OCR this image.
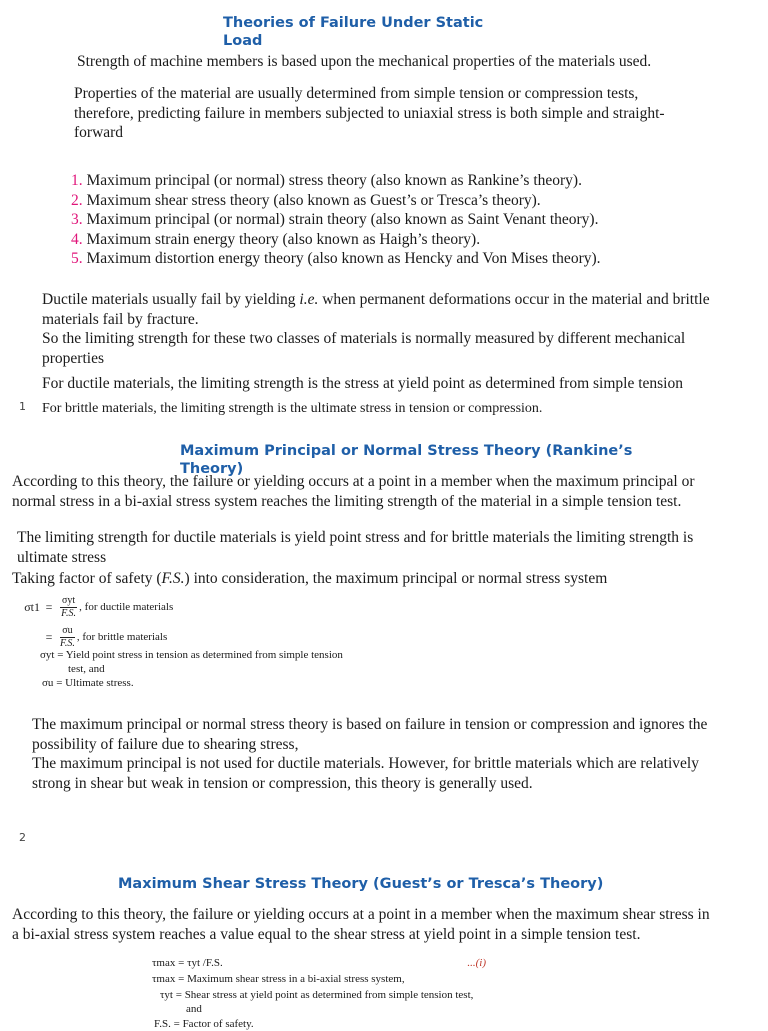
Theories of Failure Under Static
Load
Strength of machine members is based upon the mechanical properties of the materials used.
Properties of the material are usually determined from simple tension or compression tests,
therefore, predicting failure in members subjected to uniaxial stress is both simple and straight-
forward
1. Maximum principal (or normal) stress theory (also known as Rankine’s theory).
2. Maximum shear stress theory (also known as Guest’s or Tresca’s theory).
3. Maximum principal (or normal) strain theory (also known as Saint Venant theory).
4. Maximum strain energy theory (also known as Haigh’s theory).
5. Maximum distortion energy theory (also known as Hencky and Von Mises theory).
Ductile materials usually fail by yielding i.e. when permanent deformations occur in the material and brittle
materials fail by fracture.
So the limiting strength for these two classes of materials is normally measured by different mechanical
properties
For ductile materials, the limiting strength is the stress at yield point as determined from simple tension
1 For brittle materials, the limiting strength is the ultimate stress in tension or compression.
Maximum Principal or Normal Stress Theory (Rankine’s
Theory)
According to this theory, the failure or yielding occurs at a point in a member when the maximum principal or
normal stress in a bi-axial stress system reaches the limiting strength of the material in a simple tension test.
The limiting strength for ductile materials is yield point stress and for brittle materials the limiting strength is
ultimate stress
Taking factor of safety (F.S.) into consideration, the maximum principal or normal stress system
$\sigma t1 = \frac{\text{σyt}}{F.S.}$ , for ductile materials
= $\frac{\sigma u}{F.S.}$ , for brittle materials
σyt = Yield point stress in tension as determined from simple tension
test, and
σu = Ultimate stress.
The maximum principal or normal stress theory is based on failure in tension or compression and ignores the
possibility of failure due to shearing stress,
The maximum principal is not used for ductile materials. However, for brittle materials which are relatively
strong in shear but weak in tension or compression, this theory is generally used.
2
Maximum Shear Stress Theory (Guest’s or Tresca’s Theory)
According to this theory, the failure or yielding occurs at a point in a member when the maximum shear stress in
a bi-axial stress system reaches a value equal to the shear stress at yield point in a simple tension test.
τmax = τyt /F.S.	...(i)
τmax = Maximum shear stress in a bi-axial stress system,
τyt = Shear stress at yield point as determined from simple tension test,
and
F.S. = Factor of safety.
